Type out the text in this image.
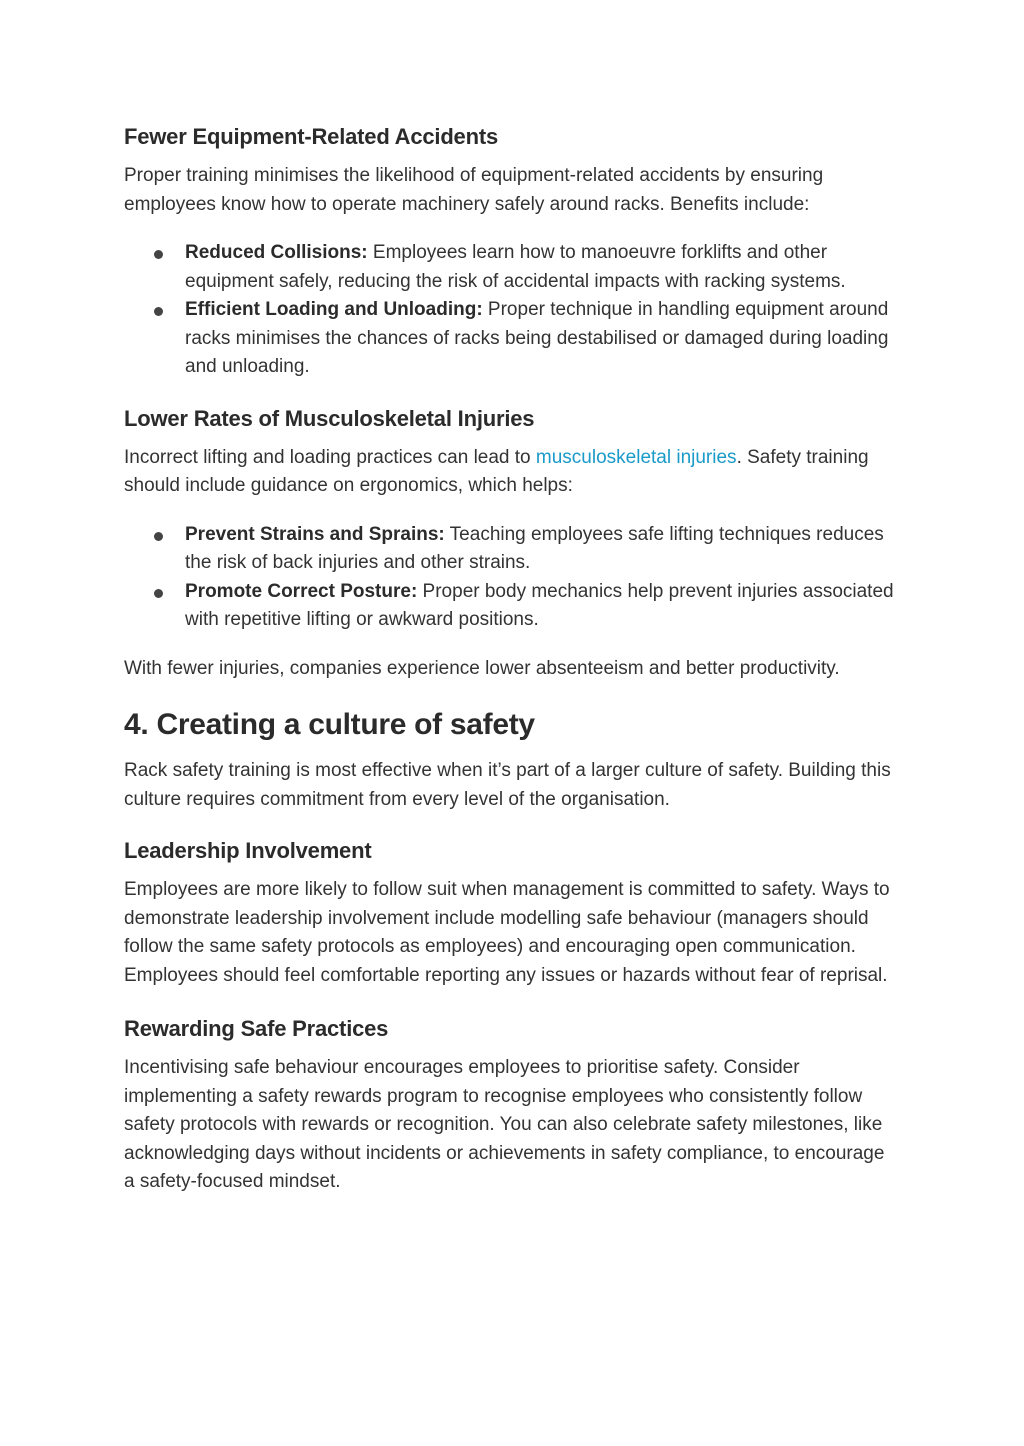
Fewer Equipment-Related Accidents

Proper training minimises the likelihood of equipment-related accidents by ensuring employees know how to operate machinery safely around racks. Benefits include:

Reduced Collisions: Employees learn how to manoeuvre forklifts and other equipment safely, reducing the risk of accidental impacts with racking systems.
Efficient Loading and Unloading: Proper technique in handling equipment around racks minimises the chances of racks being destabilised or damaged during loading and unloading.
Lower Rates of Musculoskeletal Injuries

Incorrect lifting and loading practices can lead to musculoskeletal injuries. Safety training should include guidance on ergonomics, which helps:

Prevent Strains and Sprains: Teaching employees safe lifting techniques reduces the risk of back injuries and other strains.
Promote Correct Posture: Proper body mechanics help prevent injuries associated with repetitive lifting or awkward positions.

With fewer injuries, companies experience lower absenteeism and better productivity.

4. Creating a culture of safety

Rack safety training is most effective when it’s part of a larger culture of safety. Building this culture requires commitment from every level of the organisation.

Leadership Involvement

Employees are more likely to follow suit when management is committed to safety. Ways to demonstrate leadership involvement include modelling safe behaviour (managers should follow the same safety protocols as employees) and encouraging open communication. Employees should feel comfortable reporting any issues or hazards without fear of reprisal.

Rewarding Safe Practices

Incentivising safe behaviour encourages employees to prioritise safety. Consider implementing a safety rewards program to recognise employees who consistently follow safety protocols with rewards or recognition. You can also celebrate safety milestones, like acknowledging days without incidents or achievements in safety compliance, to encourage a safety-focused mindset.
